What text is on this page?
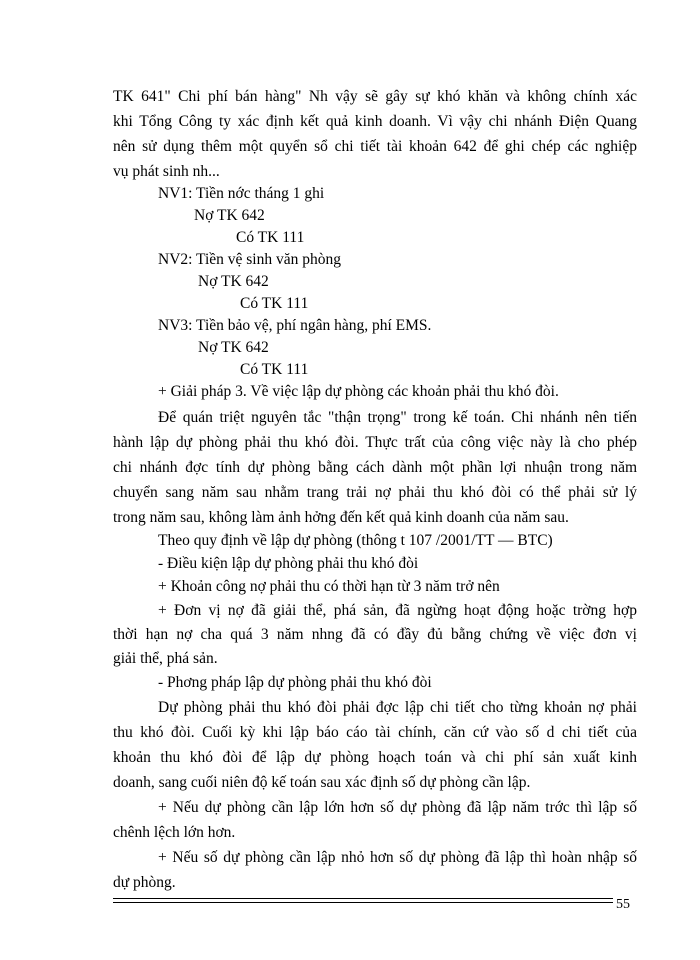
TK 641" Chi phí bán hàng" Nh vậy sẽ gây sự khó khăn và không chính xác
khi Tổng Công ty xác định kết quả kinh doanh. Vì vậy chi nhánh Điện Quang
nên sử dụng thêm một quyển sổ chi tiết tài khoản 642 để ghi chép các nghiệp
vụ phát sinh nh...
NV1: Tiền nớc tháng 1 ghi
Nợ TK 642
Có TK 111
NV2: Tiền vệ sinh văn phòng
Nợ TK 642
Có TK 111
NV3: Tiền bảo vệ, phí ngân hàng, phí EMS.
Nợ TK 642
Có TK 111
+ Giải pháp 3. Về việc lập dự phòng các khoản phải thu khó đòi.
Để quán triệt nguyên tắc "thận trọng" trong kế toán. Chi nhánh nên tiến
hành lập dự phòng phải thu khó đòi. Thực trất của công việc này là cho phép
chi nhánh đợc tính dự phòng bằng cách dành một phần lợi nhuận trong năm
chuyển sang năm sau nhằm trang trải nợ phải thu khó đòi có thể phải sử lý
trong năm sau, không làm ảnh hởng đến kết quả kinh doanh của năm sau.
Theo quy định về lập dự phòng (thông t 107 /2001/TT — BTC)
- Điều kiện lập dự phòng phải thu khó đòi
+ Khoản công nợ phải thu có thời hạn từ 3 năm trở nên
+ Đơn vị nợ đã giải thể, phá sản, đã ngừng hoạt động hoặc trờng hợp
thời hạn nợ cha quá 3 năm nhng đã có đầy đủ bằng chứng về việc đơn vị
giải thể, phá sản.
- Phơng pháp lập dự phòng phải thu khó đòi
Dự phòng phải thu khó đòi phải đợc lập chi tiết cho từng khoản nợ phải
thu khó đòi. Cuối kỳ khi lập báo cáo tài chính, căn cứ vào số d chi tiết của
khoản thu khó đòi để lập dự phòng hoạch toán và chi phí sản xuất kinh
doanh, sang cuối niên độ kế toán sau xác định số dự phòng cần lập.
+ Nếu dự phòng cần lập lớn hơn số dự phòng đã lập năm trớc thì lập số
chênh lệch lớn hơn.
+ Nếu số dự phòng cần lập nhỏ hơn số dự phòng đã lập thì hoàn nhập số
dự phòng.
55
